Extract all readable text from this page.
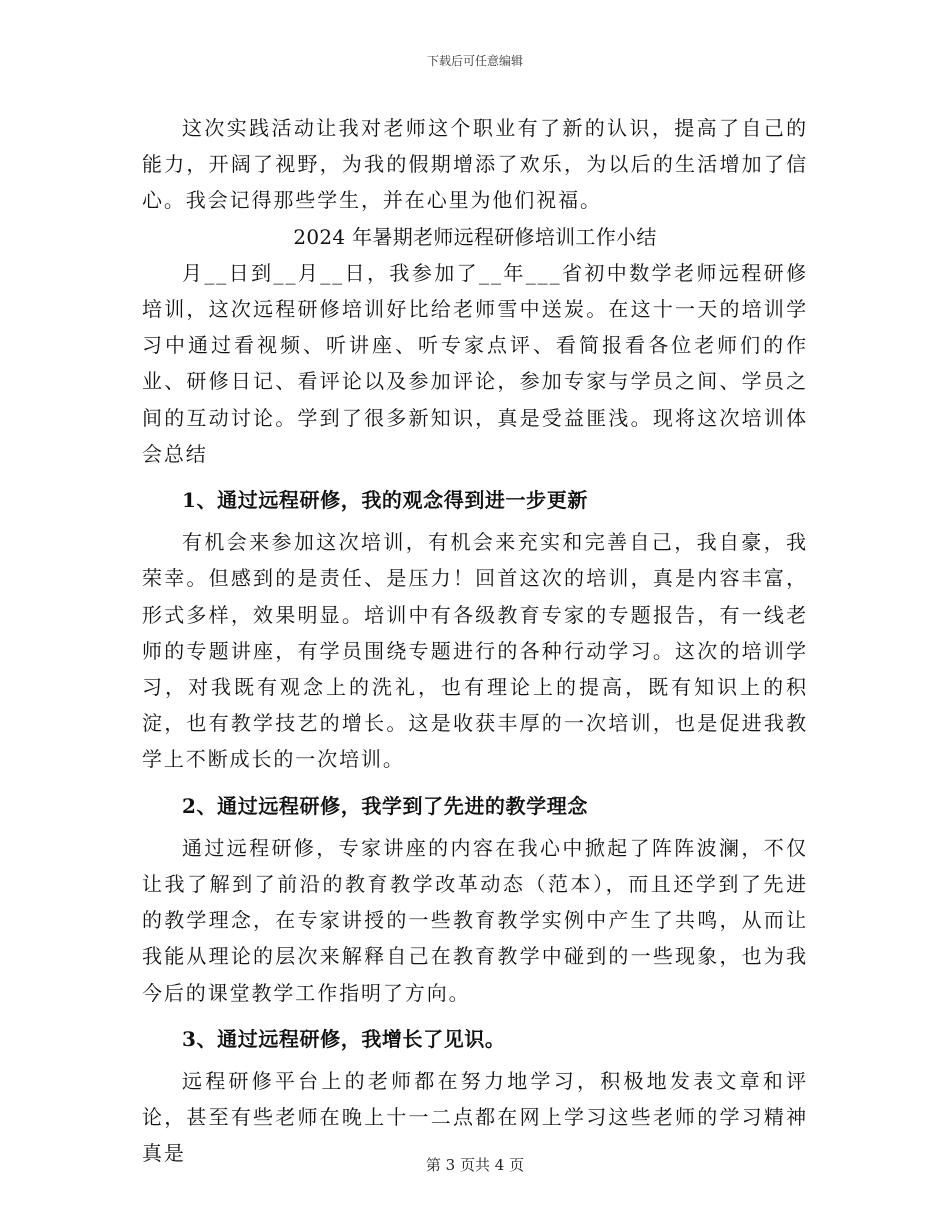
下载后可任意编辑

这次实践活动让我对老师这个职业有了新的认识，提高了自己的能力，开阔了视野，为我的假期增添了欢乐，为以后的生活增加了信心。我会记得那些学生，并在心里为他们祝福。

2024 年暑期老师远程研修培训工作小结

月__日到__月__日，我参加了__年___省初中数学老师远程研修培训，这次远程研修培训好比给老师雪中送炭。在这十一天的培训学习中通过看视频、听讲座、听专家点评、看简报看各位老师们的作业、研修日记、看评论以及参加评论，参加专家与学员之间、学员之间的互动讨论。学到了很多新知识，真是受益匪浅。现将这次培训体会总结

1、通过远程研修，我的观念得到进一步更新

有机会来参加这次培训，有机会来充实和完善自己，我自豪，我荣幸。但感到的是责任、是压力！回首这次的培训，真是内容丰富，形式多样，效果明显。培训中有各级教育专家的专题报告，有一线老师的专题讲座，有学员围绕专题进行的各种行动学习。这次的培训学习，对我既有观念上的洗礼，也有理论上的提高，既有知识上的积淀，也有教学技艺的增长。这是收获丰厚的一次培训，也是促进我教学上不断成长的一次培训。

2、通过远程研修，我学到了先进的教学理念

通过远程研修，专家讲座的内容在我心中掀起了阵阵波澜，不仅让我了解到了前沿的教育教学改革动态（范本），而且还学到了先进的教学理念，在专家讲授的一些教育教学实例中产生了共鸣，从而让我能从理论的层次来解释自己在教育教学中碰到的一些现象，也为我今后的课堂教学工作指明了方向。

3、通过远程研修，我增长了见识。

远程研修平台上的老师都在努力地学习，积极地发表文章和评论，甚至有些老师在晚上十一二点都在网上学习这些老师的学习精神真是	第 3 页共 4 页
